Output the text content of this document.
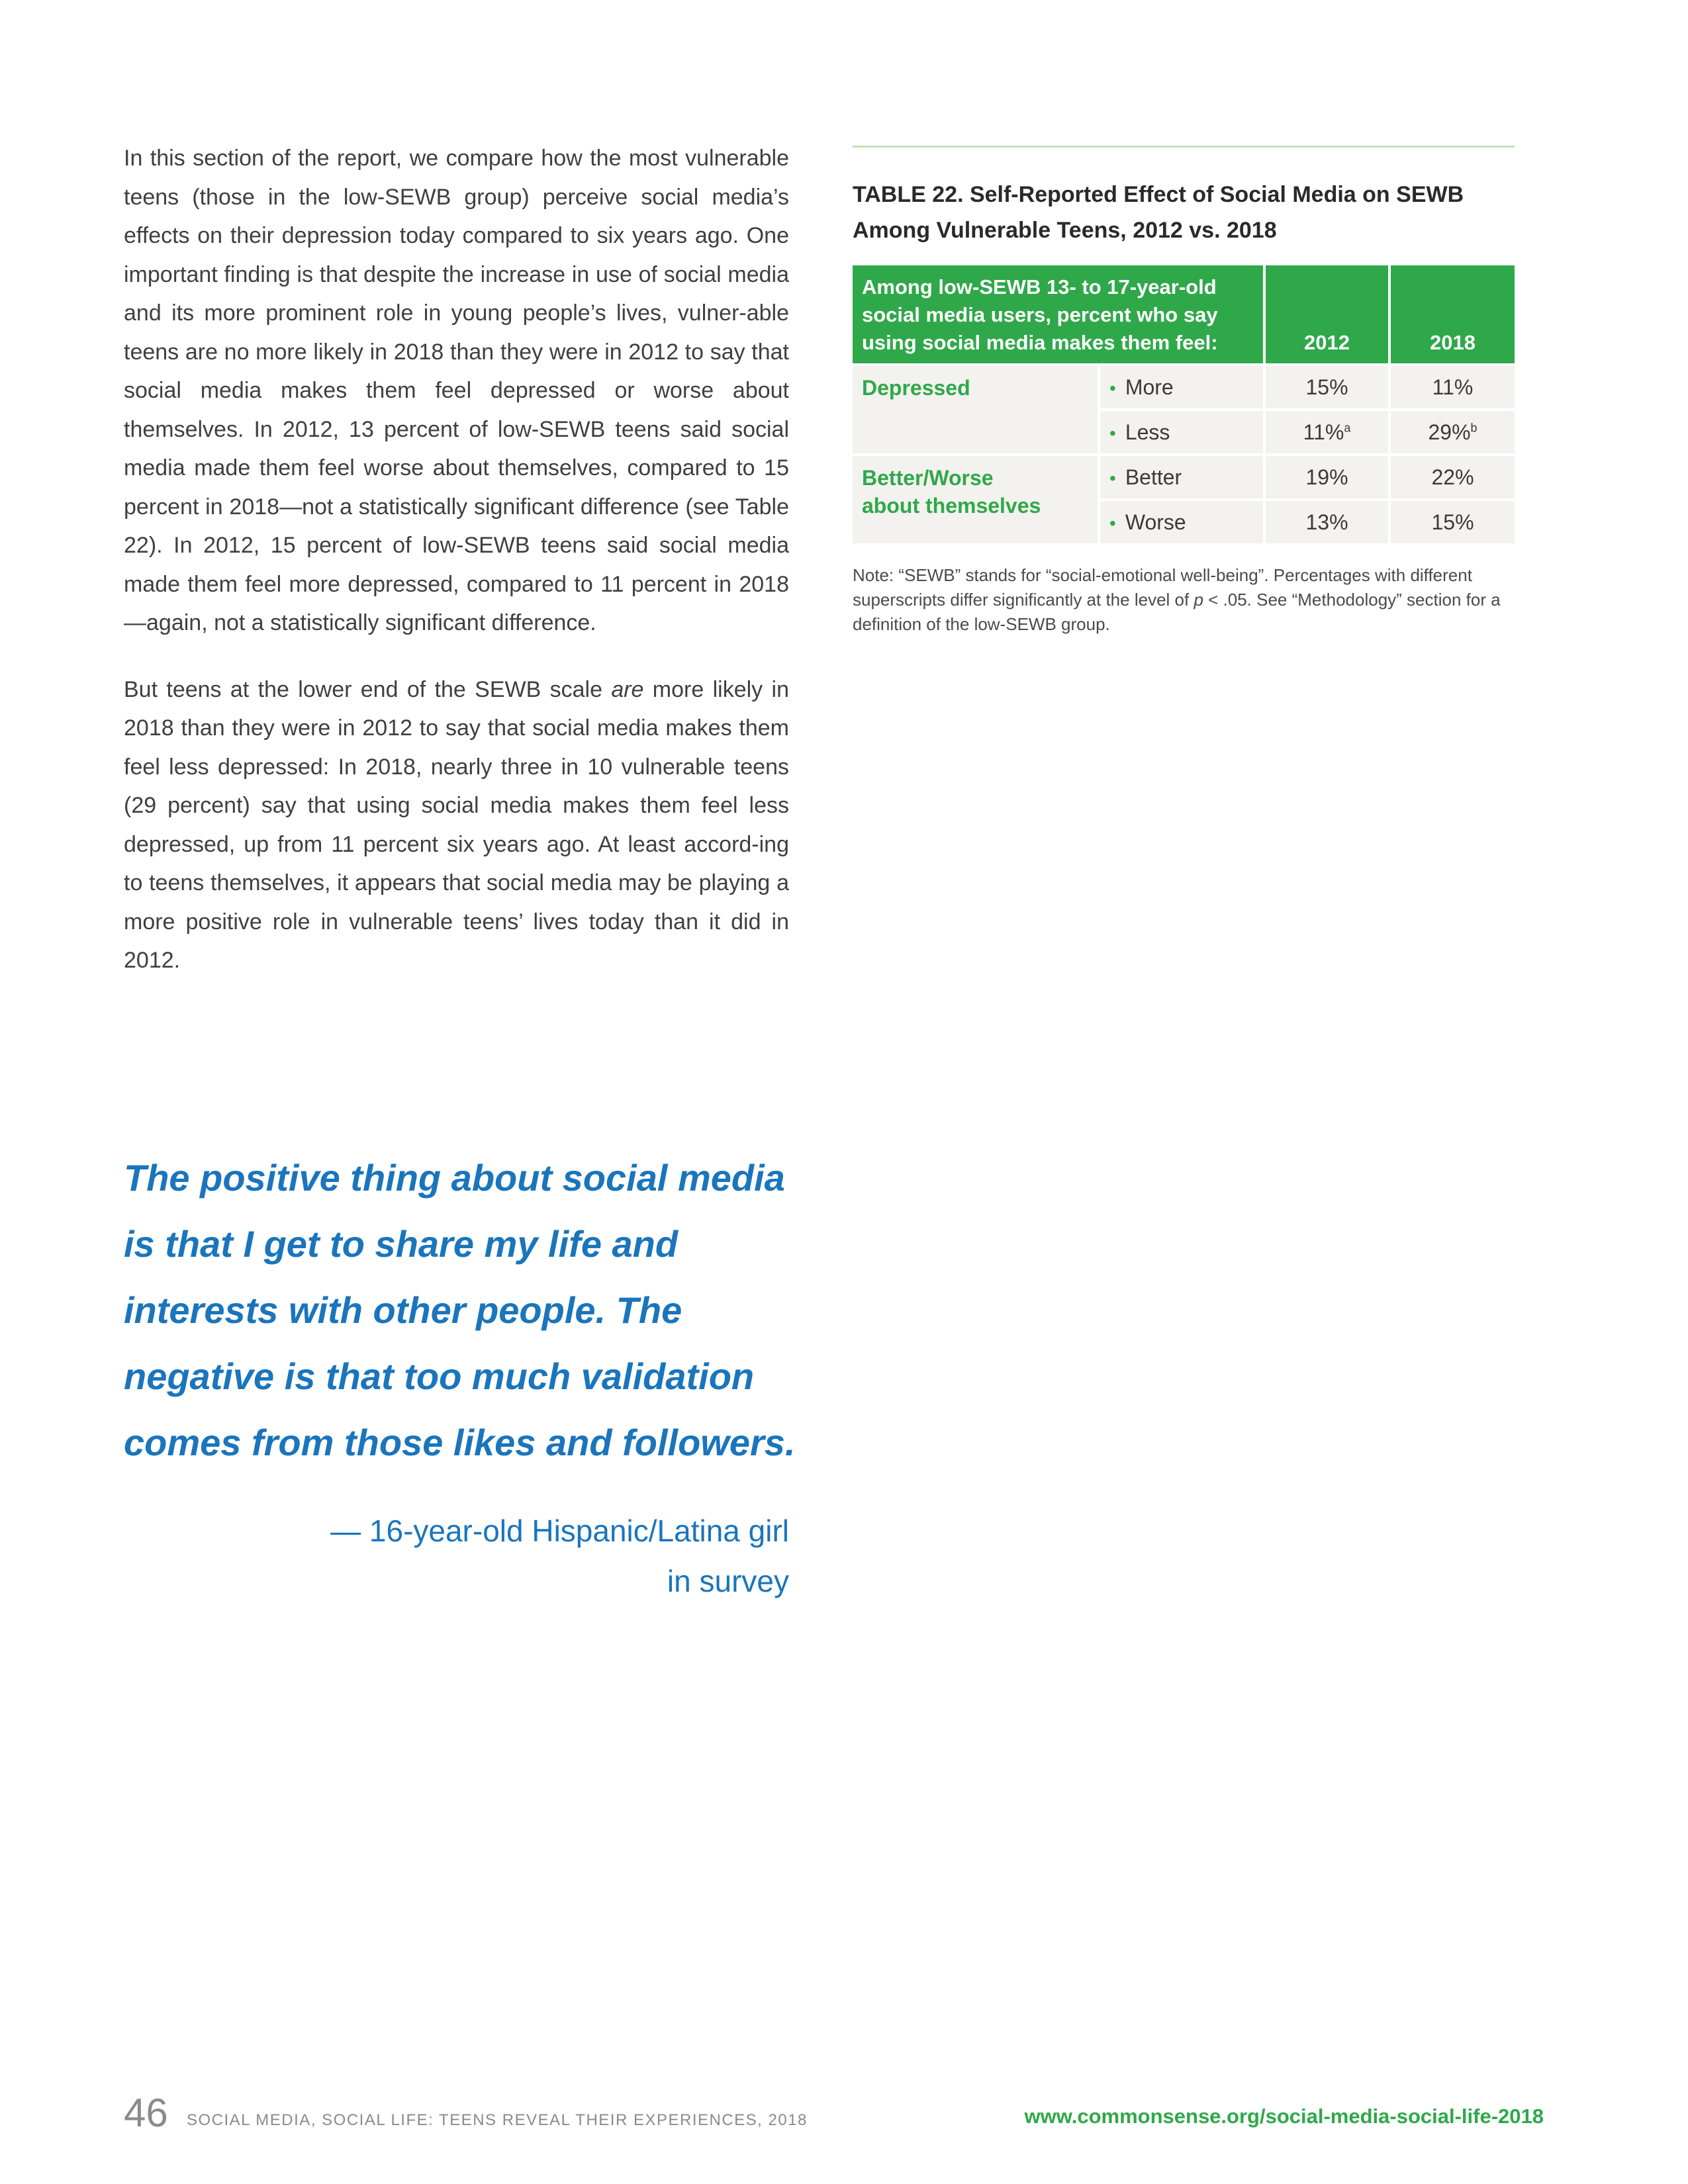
In this section of the report, we compare how the most vulnerable teens (those in the low-SEWB group) perceive social media’s effects on their depression today compared to six years ago. One important finding is that despite the increase in use of social media and its more prominent role in young people’s lives, vulner-able teens are no more likely in 2018 than they were in 2012 to say that social media makes them feel depressed or worse about themselves. In 2012, 13 percent of low-SEWB teens said social media made them feel worse about themselves, compared to 15 percent in 2018—not a statistically significant difference (see Table 22). In 2012, 15 percent of low-SEWB teens said social media made them feel more depressed, compared to 11 percent in 2018—again, not a statistically significant difference.

But teens at the lower end of the SEWB scale are more likely in 2018 than they were in 2012 to say that social media makes them feel less depressed: In 2018, nearly three in 10 vulnerable teens (29 percent) say that using social media makes them feel less depressed, up from 11 percent six years ago. At least accord-ing to teens themselves, it appears that social media may be playing a more positive role in vulnerable teens’ lives today than it did in 2012.

TABLE 22. Self-Reported Effect of Social Media on SEWB
Among Vulnerable Teens, 2012 vs. 2018
Among low-SEWB 13- to 17-year-old social media users, percent who say using social media makes them feel:		2012	2018
Depressed	• More	15%	11%
	• Less	11%$^a$	29%$^b$
Better/Worse
about themselves	• Better	19%	22%
	• Worse	13%	15%

Note: “SEWB” stands for “social-emotional well-being”. Percentages with different superscripts differ significantly at the level of p < .05. See “Methodology” section for a definition of the low-SEWB group.

The positive thing about social media is that I get to share my life and interests with other people. The negative is that too much validation comes from those likes and followers.

— 16-year-old Hispanic/Latina girl
in survey
46 SOCIAL MEDIA, SOCIAL LIFE: TEENS REVEAL THEIR EXPERIENCES, 2018	www.commonsense.org/social-media-social-life-2018
